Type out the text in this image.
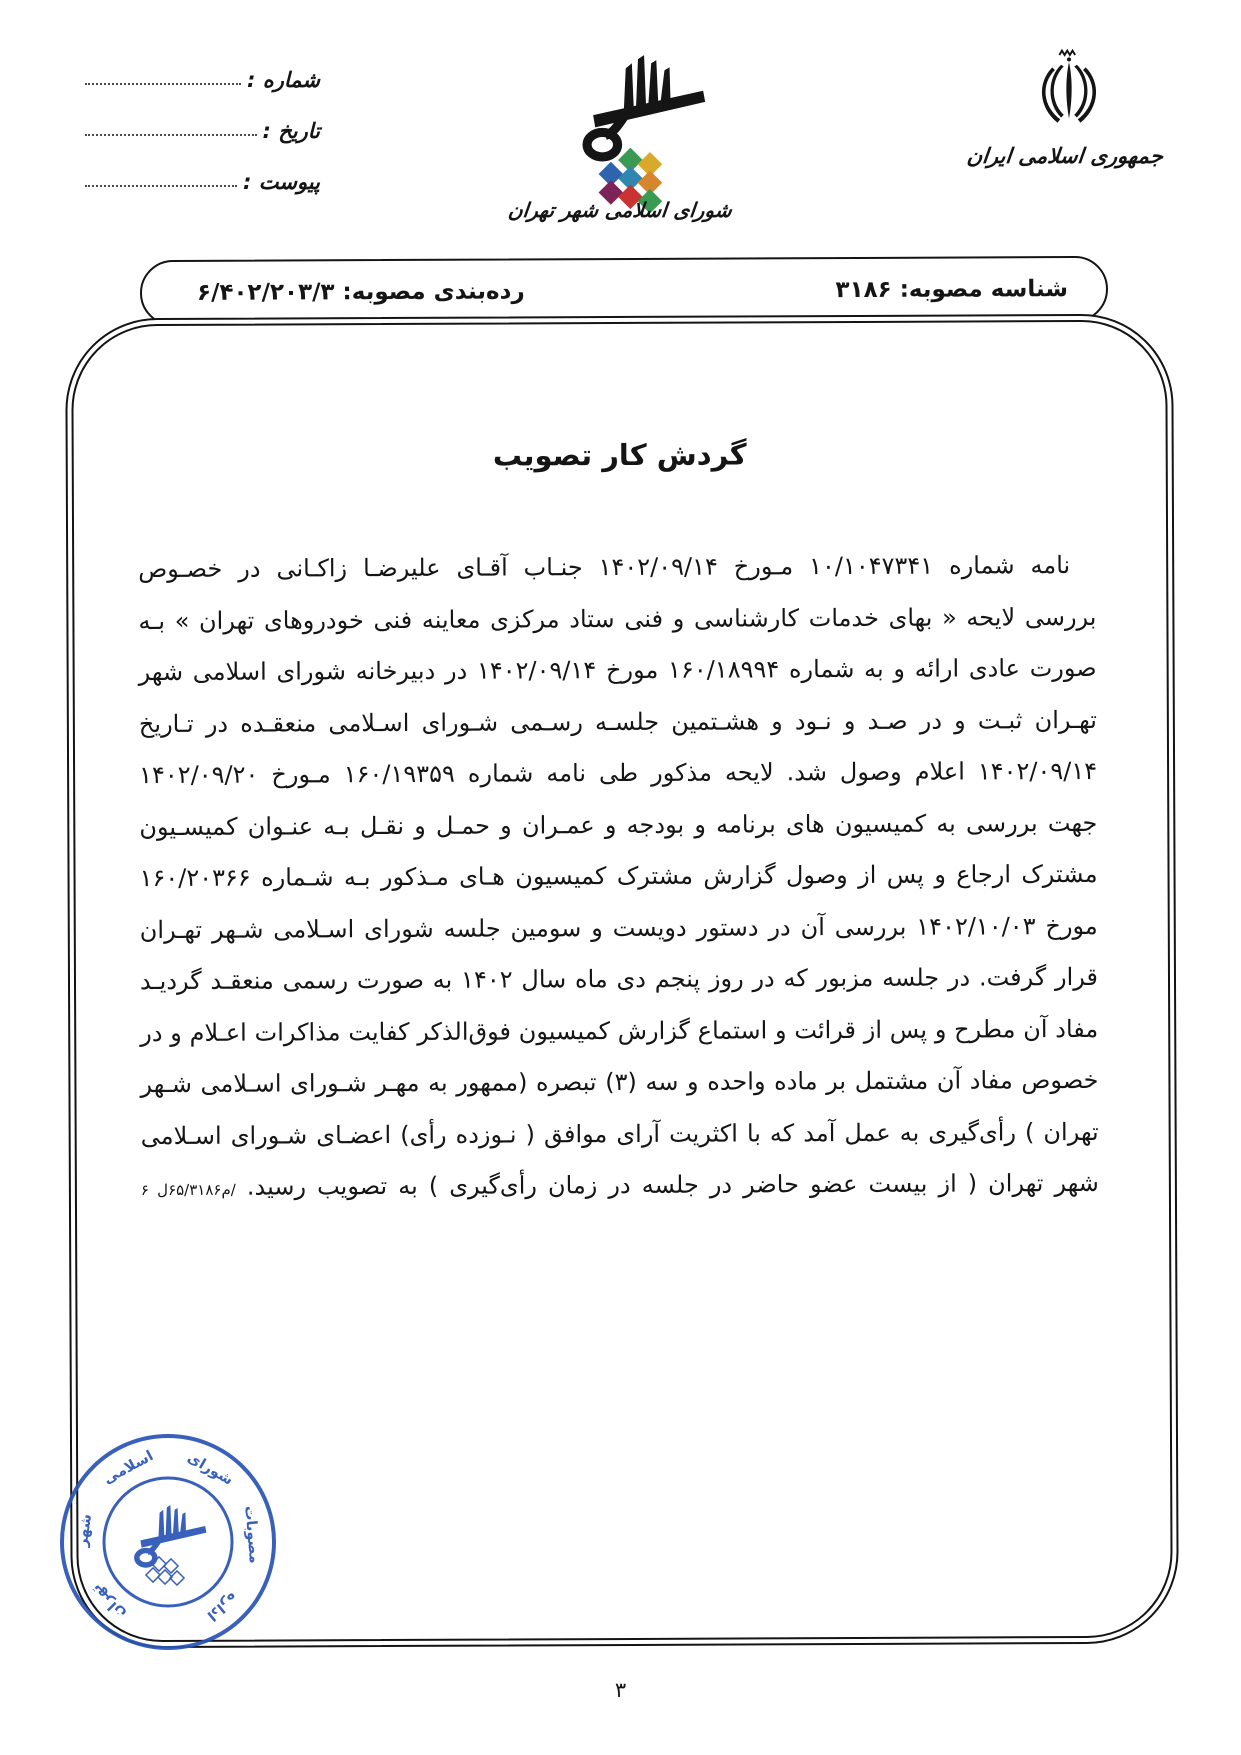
شماره :
تاریخ :
پیوست :
شورای اسلامی شهر تهران
جمهوری اسلامی ایران
شناسه مصوبه: ۳۱۸۶
رده‌بندی مصوبه: ۶/۴۰۲/۲۰۳/۳
گردش کار تصویب
نامه شماره ۱۰/۱۰۴۷۳۴۱ مـورخ ۱۴۰۲/۰۹/۱۴ جنـاب آقـای علیرضـا زاکـانی در خصـوص
بررسی لایحه « بهای خدمات کارشناسی و فنی ستاد مرکزی معاینه فنی خودروهای تهران » بـه
صورت عادی ارائه و به شماره ۱۶۰/۱۸۹۹۴ مورخ ۱۴۰۲/۰۹/۱۴ در دبیرخانه شورای اسلامی شهر
تهـران ثبـت و در صـد و نـود و هشـتمین جلسـه رسـمی شـورای اسـلامی منعقـده در تـاریخ
۱۴۰۲/۰۹/۱۴ اعلام وصول شد. لایحه مذکور طی نامه شماره ۱۶۰/۱۹۳۵۹ مـورخ ۱۴۰۲/۰۹/۲۰
جهت بررسی به کمیسیون های برنامه و بودجه و عمـران و حمـل و نقـل بـه عنـوان کمیسـیون
مشترک ارجاع و پس از وصول گزارش مشترک کمیسیون هـای مـذکور بـه شـماره ۱۶۰/۲۰۳۶۶
مورخ ۱۴۰۲/۱۰/۰۳ بررسی آن در دستور دویست و سومین جلسه شورای اسـلامی شـهر تهـران
قرار گرفت. در جلسه مزبور که در روز پنجم دی ماه سال ۱۴۰۲ به صورت رسمی منعقـد گردیـد
مفاد آن مطرح و پس از قرائت و استماع گزارش کمیسیون فوق‌الذکر کفایت مذاکرات اعـلام و در
خصوص مفاد آن مشتمل بر ماده واحده و سه (۳) تبصره (ممهور به مهـر شـورای اسـلامی شـهر
تهران ) رأی‌گیری به عمل آمد که با اکثریت آرای موافق ( نـوزده رأی) اعضـای شـورای اسـلامی
شهر تهران ( از بیست عضو حاضر در جلسه در زمان رأی‌گیری ) به تصویب رسید. /م۶۵/۳۱۸۶ل ۶
اداره
مصوبات
شورای
اسلامی
شهر
تهران
۳
